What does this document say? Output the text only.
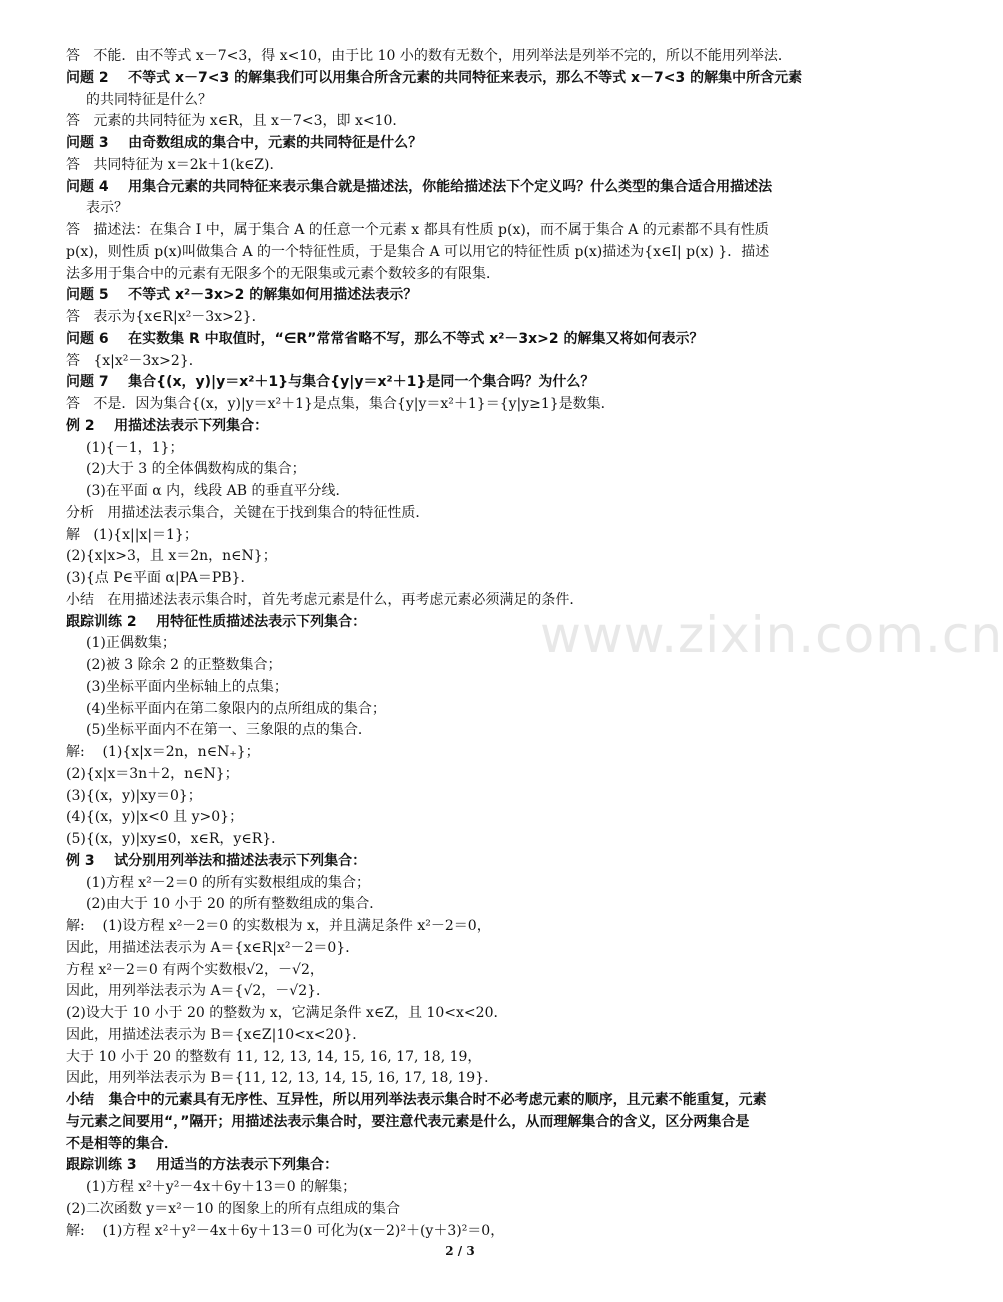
答   不能．由不等式 x－7<3，得 x<10，由于比 10 小的数有无数个，用列举法是列举不完的，所以不能用列举法．
问题 2    不等式 x－7<3 的解集我们可以用集合所含元素的共同特征来表示，那么不等式 x－7<3 的解集中所含元素
的共同特征是什么？
答   元素的共同特征为 x∈R，且 x－7<3，即 x<10．
问题 3    由奇数组成的集合中，元素的共同特征是什么？
答   共同特征为 x＝2k＋1(k∈Z)．
问题 4    用集合元素的共同特征来表示集合就是描述法，你能给描述法下个定义吗？什么类型的集合适合用描述法
表示？
答   描述法：在集合 I 中，属于集合 A 的任意一个元素 x 都具有性质 p(x)，而不属于集合 A 的元素都不具有性质
p(x)，则性质 p(x)叫做集合 A 的一个特征性质，于是集合 A 可以用它的特征性质 p(x)描述为{x∈I| p(x) }．描述
法多用于集合中的元素有无限多个的无限集或元素个数较多的有限集．
问题 5    不等式 x²－3x>2 的解集如何用描述法表示？
答   表示为{x∈R|x²－3x>2}．
问题 6    在实数集 R 中取值时，“∈R”常常省略不写，那么不等式 x²－3x>2 的解集又将如何表示？
答   {x|x²－3x>2}．
问题 7    集合{(x，y)|y＝x²＋1}与集合{y|y＝x²＋1}是同一个集合吗？为什么？
答   不是．因为集合{(x，y)|y＝x²＋1}是点集，集合{y|y＝x²＋1}＝{y|y≥1}是数集．
例 2    用描述法表示下列集合：
(1){－1，1}；
(2)大于 3 的全体偶数构成的集合；
(3)在平面 α 内，线段 AB 的垂直平分线．
分析   用描述法表示集合，关键在于找到集合的特征性质．
解   (1){x||x|＝1}；
(2){x|x>3，且 x＝2n，n∈N}；
(3){点 P∈平面 α|PA＝PB}．
小结   在用描述法表示集合时，首先考虑元素是什么，再考虑元素必须满足的条件．
跟踪训练 2    用特征性质描述法表示下列集合：
(1)正偶数集；
(2)被 3 除余 2 的正整数集合；
(3)坐标平面内坐标轴上的点集；
(4)坐标平面内在第二象限内的点所组成的集合；
(5)坐标平面内不在第一、三象限的点的集合．
解:    (1){x|x＝2n，n∈N₊}；
(2){x|x＝3n＋2，n∈N}；
(3){(x，y)|xy＝0}；
(4){(x，y)|x<0 且 y>0}；
(5){(x，y)|xy≤0，x∈R，y∈R}．
例 3    试分别用列举法和描述法表示下列集合：
(1)方程 x²－2＝0 的所有实数根组成的集合；
(2)由大于 10 小于 20 的所有整数组成的集合．
解:    (1)设方程 x²－2＝0 的实数根为 x，并且满足条件 x²－2＝0，
因此，用描述法表示为 A＝{x∈R|x²－2＝0}．
方程 x²－2＝0 有两个实数根√2，－√2，
因此，用列举法表示为 A＝{√2，－√2}．
(2)设大于 10 小于 20 的整数为 x，它满足条件 x∈Z，且 10<x<20．
因此，用描述法表示为 B＝{x∈Z|10<x<20}．
大于 10 小于 20 的整数有 11, 12, 13, 14, 15, 16, 17, 18, 19，
因此，用列举法表示为 B＝{11, 12, 13, 14, 15, 16, 17, 18, 19}．
小结   集合中的元素具有无序性、互异性，所以用列举法表示集合时不必考虑元素的顺序，且元素不能重复，元素
与元素之间要用“，”隔开；用描述法表示集合时，要注意代表元素是什么，从而理解集合的含义，区分两集合是
不是相等的集合．
跟踪训练 3    用适当的方法表示下列集合：
(1)方程 x²＋y²－4x＋6y＋13＝0 的解集；
(2)二次函数 y＝x²－10 的图象上的所有点组成的集合
解:    (1)方程 x²＋y²－4x＋6y＋13＝0 可化为(x－2)²＋(y＋3)²＝0，
www.zixin.com.cn
2 / 3
